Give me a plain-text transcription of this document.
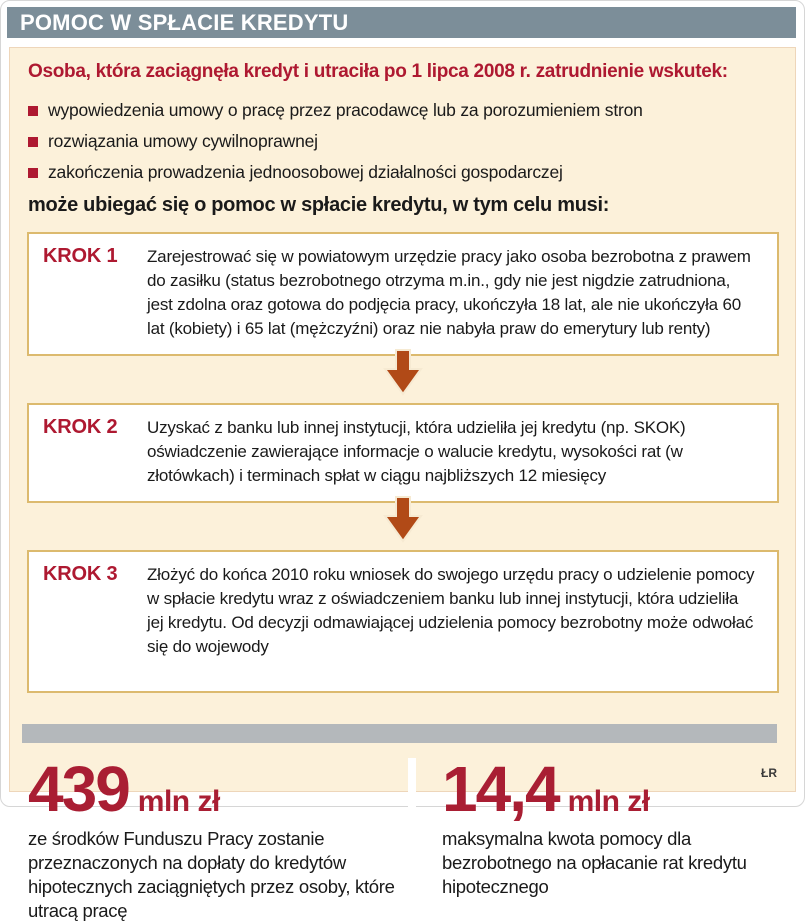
POMOC W SPŁACIE KREDYTU
Osoba, która zaciągnęła kredyt i utraciła po 1 lipca 2008 r. zatrudnienie wskutek:
wypowiedzenia umowy o pracę przez pracodawcę lub za porozumieniem stron
rozwiązania umowy cywilnoprawnej
zakończenia prowadzenia jednoosobowej działalności gospodarczej
może ubiegać się o pomoc w spłacie kredytu, w tym celu musi:
KROK 1	Zarejestrować się w powiatowym urzędzie pracy jako osoba bezrobotna z prawem do zasiłku (status bezrobotnego otrzyma m.in., gdy nie jest nigdzie zatrudniona, jest zdolna oraz gotowa do podjęcia pracy, ukończyła 18 lat, ale nie ukończyła 60 lat (kobiety) i 65 lat (mężczyźni) oraz nie nabyła praw do emerytury lub renty)
KROK 2	Uzyskać z banku lub innej instytucji, która udzieliła jej kredytu (np. SKOK) oświadczenie zawierające informacje o walucie kredytu, wysokości rat (w złotówkach) i terminach spłat w ciągu najbliższych 12 miesięcy
KROK 3	Złożyć do końca 2010 roku wniosek do swojego urzędu pracy o udzielenie pomocy w spłacie kredytu wraz z oświadczeniem banku lub innej instytucji, która udzieliła jej kredytu. Od decyzji odmawiającej udzielenia pomocy bezrobotny może odwołać się do wojewody
439 mln zł
ze środków Funduszu Pracy zostanie przeznaczonych na dopłaty do kredytów hipotecznych zaciągniętych przez osoby, które utracą pracę
14,4 mln zł
maksymalna kwota pomocy dla bezrobotnego na opłacanie rat kredytu hipotecznego
ŁR
